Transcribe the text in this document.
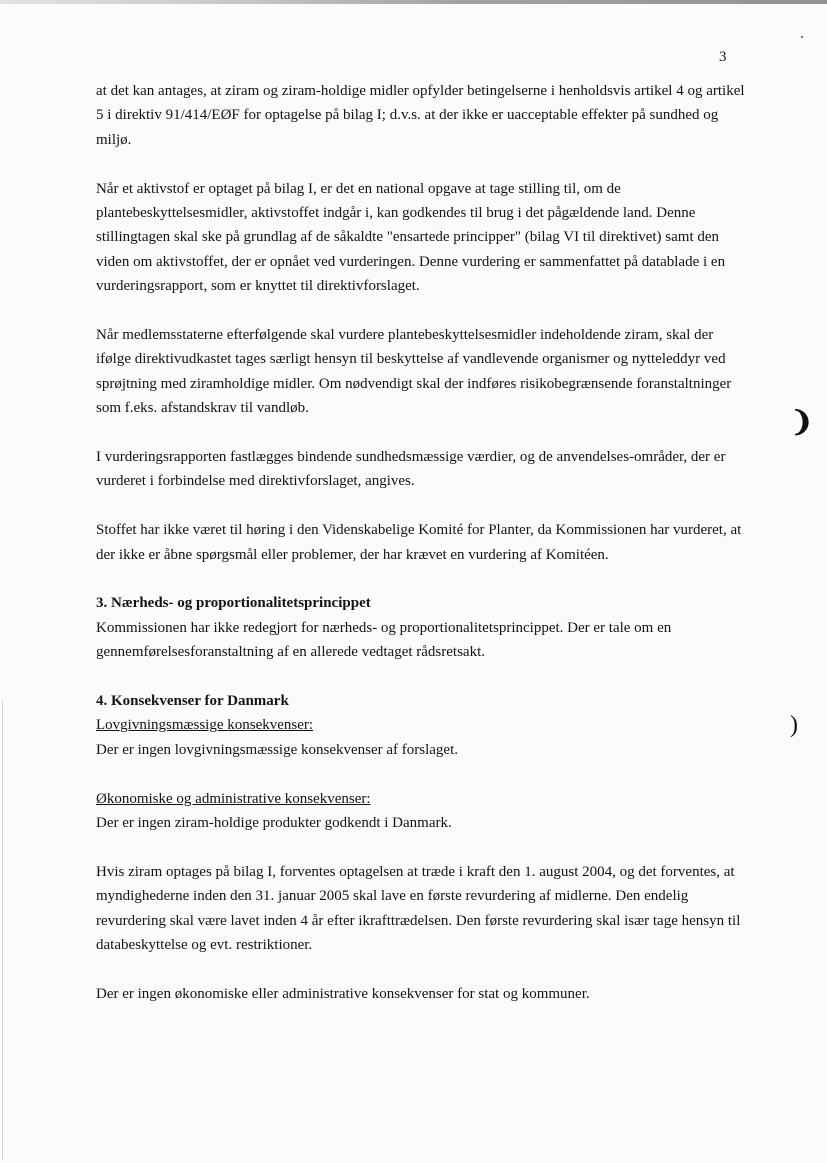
3

at det kan antages, at ziram og ziram-holdige midler opfylder betingelserne i henholdsvis artikel 4 og artikel 5 i direktiv 91/414/EØF for optagelse på bilag I; d.v.s. at der ikke er uacceptable effekter på sundhed og miljø.

Når et aktivstof er optaget på bilag I, er det en national opgave at tage stilling til, om de plantebeskyttelsesmidler, aktivstoffet indgår i, kan godkendes til brug i det pågældende land. Denne stillingtagen skal ske på grundlag af de såkaldte "ensartede principper" (bilag VI til direktivet) samt den viden om aktivstoffet, der er opnået ved vurderingen. Denne vurdering er sammenfattet på datablade i en vurderingsrapport, som er knyttet til direktivforslaget.

Når medlemsstaterne efterfølgende skal vurdere plantebeskyttelsesmidler indeholdende ziram, skal der ifølge direktivudkastet tages særligt hensyn til beskyttelse af vandlevende organismer og nytteleddyr ved sprøjtning med ziramholdige midler. Om nødvendigt skal der indføres risikobegrænsende foranstaltninger som f.eks. afstandskrav til vandløb.

I vurderingsrapporten fastlægges bindende sundhedsmæssige værdier, og de anvendelses-områder, der er vurderet i forbindelse med direktivforslaget, angives.

Stoffet har ikke været til høring i den Videnskabelige Komité for Planter, da Kommissionen har vurderet, at der ikke er åbne spørgsmål eller problemer, der har krævet en vurdering af Komitéen.

3. Nærheds- og proportionalitetsprincippet

Kommissionen har ikke redegjort for nærheds- og proportionalitetsprincippet. Der er tale om en gennemførelsesforanstaltning af en allerede vedtaget rådsretsakt.

4. Konsekvenser for Danmark
Lovgivningsmæssige konsekvenser:

Der er ingen lovgivningsmæssige konsekvenser af forslaget.

Økonomiske og administrative konsekvenser:

Der er ingen ziram-holdige produkter godkendt i Danmark.

Hvis ziram optages på bilag I, forventes optagelsen at træde i kraft den 1. august 2004, og det forventes, at myndighederne inden den 31. januar 2005 skal lave en første revurdering af midlerne. Den endelig revurdering skal være lavet inden 4 år efter ikrafttrædelsen. Den første revurdering skal især tage hensyn til databeskyttelse og evt. restriktioner.

Der er ingen økonomiske eller administrative konsekvenser for stat og kommuner.

❩
)
